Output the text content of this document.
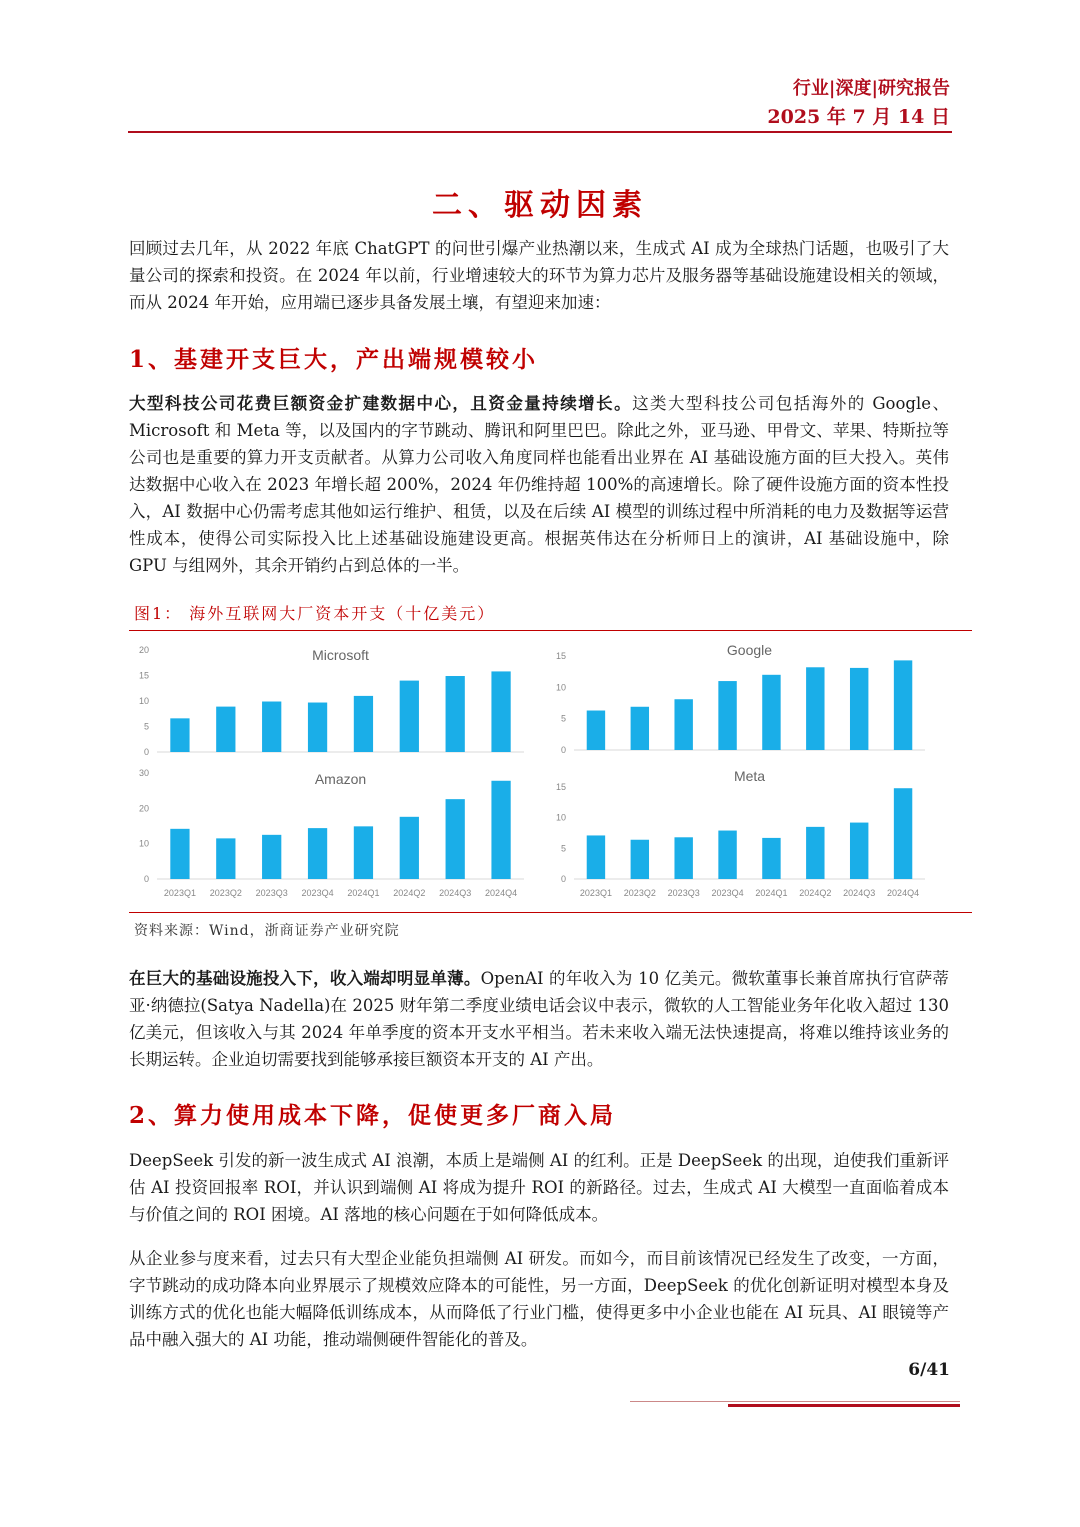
行业|深度|研究报告
2025 年 7 月 14 日
二、驱动因素
回顾过去几年，从 2022 年底 ChatGPT 的问世引爆产业热潮以来，生成式 AI 成为全球热门话题，也吸引了大量公司的探索和投资。在 2024 年以前，行业增速较大的环节为算力芯片及服务器等基础设施建设相关的领域，而从 2024 年开始，应用端已逐步具备发展土壤，有望迎来加速：
1、基建开支巨大，产出端规模较小
大型科技公司花费巨额资金扩建数据中心，且资金量持续增长。这类大型科技公司包括海外的 Google、Microsoft 和 Meta 等，以及国内的字节跳动、腾讯和阿里巴巴。除此之外，亚马逊、甲骨文、苹果、特斯拉等公司也是重要的算力开支贡献者。从算力公司收入角度同样也能看出业界在 AI 基础设施方面的巨大投入。英伟达数据中心收入在 2023 年增长超 200%，2024 年仍维持超 100%的高速增长。除了硬件设施方面的资本性投入，AI 数据中心仍需考虑其他如运行维护、租赁，以及在后续 AI 模型的训练过程中所消耗的电力及数据等运营性成本，使得公司实际投入比上述基础设施建设更高。根据英伟达在分析师日上的演讲，AI 基础设施中，除 GPU 与组网外，其余开销约占到总体的一半。
图1： 海外互联网大厂资本开支（十亿美元）
0
5
10
15
20	Microsoft
0
5
10
15	Google
0
10
20
30	Amazon
2023Q1 2023Q2 2023Q3 2023Q4 2024Q1 2024Q2 2024Q3 2024Q4
0
5
10
15
Meta
2023Q1 2023Q2 2023Q3 2023Q4 2024Q1 2024Q2 2024Q3 2024Q4
资料来源：Wind，浙商证券产业研究院
在巨大的基础设施投入下，收入端却明显单薄。OpenAI 的年收入为 10 亿美元。微软董事长兼首席执行官萨蒂亚·纳德拉(Satya Nadella)在 2025 财年第二季度业绩电话会议中表示，微软的人工智能业务年化收入超过 130 亿美元，但该收入与其 2024 年单季度的资本开支水平相当。若未来收入端无法快速提高，将难以维持该业务的长期运转。企业迫切需要找到能够承接巨额资本开支的 AI 产出。
2、算力使用成本下降，促使更多厂商入局
DeepSeek 引发的新一波生成式 AI 浪潮，本质上是端侧 AI 的红利。正是 DeepSeek 的出现，迫使我们重新评估 AI 投资回报率 ROI，并认识到端侧 AI 将成为提升 ROI 的新路径。过去，生成式 AI 大模型一直面临着成本与价值之间的 ROI 困境。AI 落地的核心问题在于如何降低成本。
从企业参与度来看，过去只有大型企业能负担端侧 AI 研发。而如今，而目前该情况已经发生了改变，一方面，字节跳动的成功降本向业界展示了规模效应降本的可能性，另一方面，DeepSeek 的优化创新证明对模型本身及训练方式的优化也能大幅降低训练成本，从而降低了行业门槛，使得更多中小企业也能在 AI 玩具、AI 眼镜等产品中融入强大的 AI 功能，推动端侧硬件智能化的普及。
6/41
